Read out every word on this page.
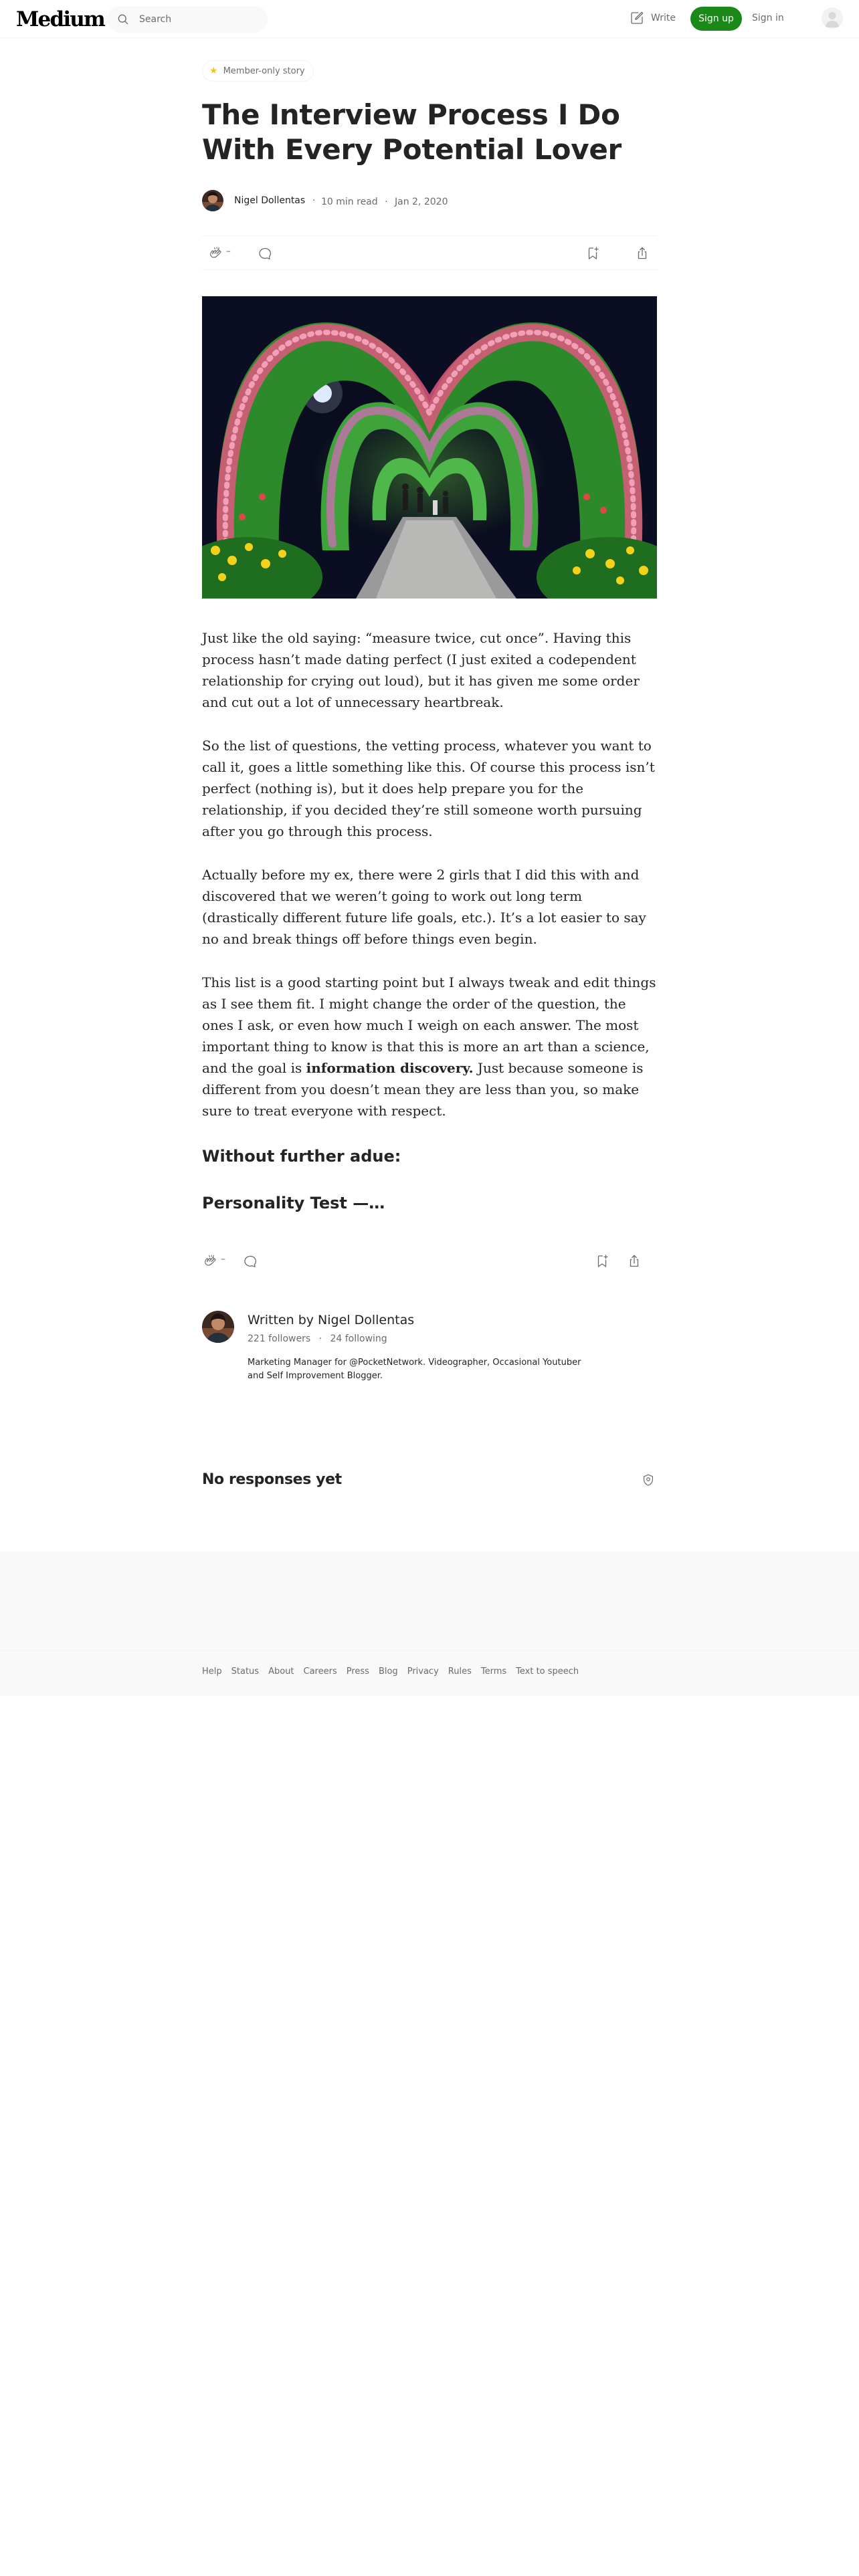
Medium	Search	Write	Sign up	Sign in
★ Member-only story
The Interview Process I Do With Every Potential Lover
Nigel Dollentas · 10 min read · Jan 2, 2020
–

Just like the old saying: “measure twice, cut once”. Having this process hasn’t made dating perfect (I just exited a codependent relationship for crying out loud), but it has given me some order and cut out a lot of unnecessary heartbreak.

So the list of questions, the vetting process, whatever you want to call it, goes a little something like this. Of course this process isn’t perfect (nothing is), but it does help prepare you for the relationship, if you decided they’re still someone worth pursuing after you go through this process.

Actually before my ex, there were 2 girls that I did this with and discovered that we weren’t going to work out long term (drastically different future life goals, etc.). It’s a lot easier to say no and break things off before things even begin.

This list is a good starting point but I always tweak and edit things as I see them fit. I might change the order of the question, the ones I ask, or even how much I weigh on each answer. The most important thing to know is that this is more an art than a science, and the goal is information discovery. Just because someone is different from you doesn’t mean they are less than you, so make sure to treat everyone with respect.

Without further adue:
Personality Test —…
–
Written by Nigel Dollentas
221 followers · 24 following
Marketing Manager for @PocketNetwork. Videographer, Occasional Youtuber and Self Improvement Blogger.
No responses yet
Help Status About Careers Press Blog Privacy Rules Terms Text to speech
